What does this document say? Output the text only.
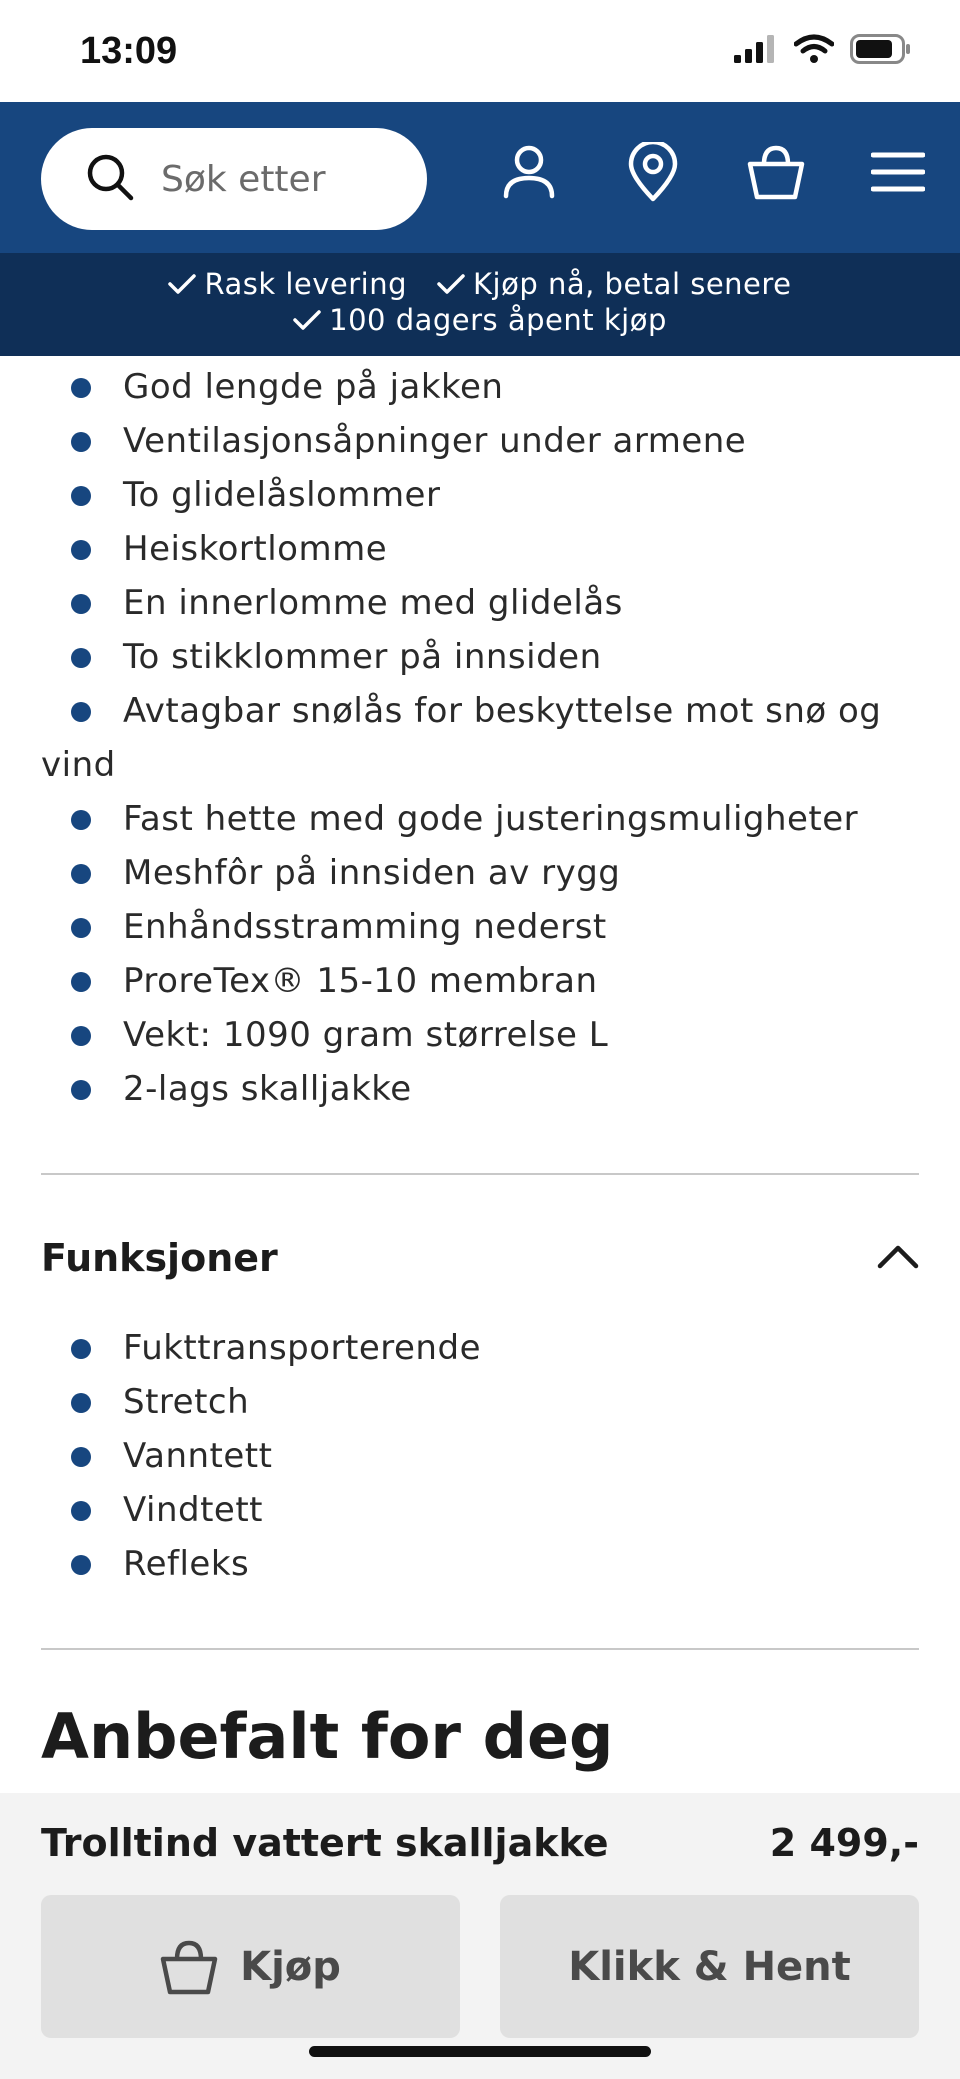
13:09
Søk etter
Rask levering Kjøp nå, betal senere
100 dagers åpent kjøp
God lengde på jakken
Ventilasjonsåpninger under armene
To glidelåslommer
Heiskortlomme
En innerlomme med glidelås
To stikklommer på innsiden
Avtagbar snølås for beskyttelse mot snø og vind
Fast hette med gode justeringsmuligheter
Meshfôr på innsiden av rygg
Enhåndsstramming nederst
ProreTex® 15-10 membran
Vekt: 1090 gram størrelse L
2-lags skalljakke
Funksjoner
Fukttransporterende
Stretch
Vanntett
Vindtett
Refleks
Anbefalt for deg
Trolltind vattert skalljakke	2 499,-
Kjøp	Klikk & Hent
